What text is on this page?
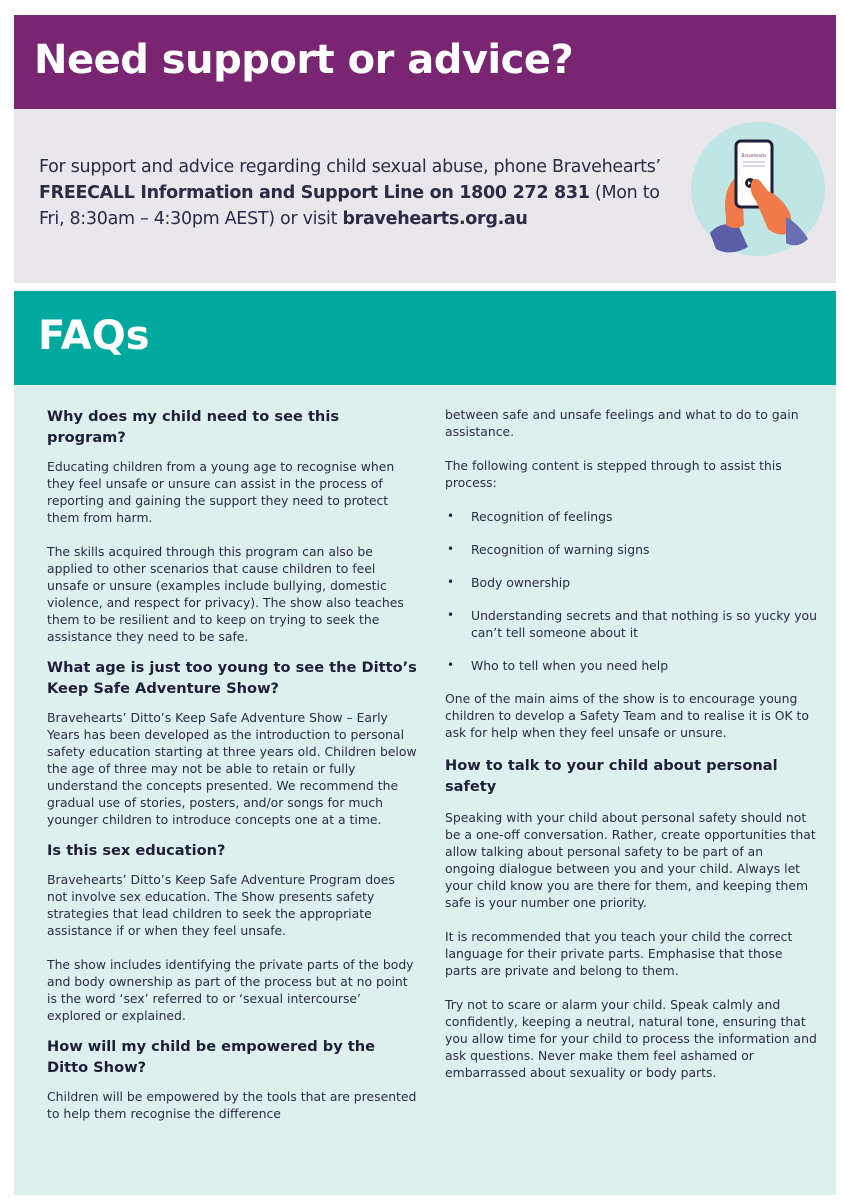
Need support or advice?

For support and advice regarding child sexual abuse, phone Bravehearts’ FREECALL Information and Support Line on 1800 272 831 (Mon to Fri, 8:30am – 4:30pm AEST) or visit bravehearts.org.au

Bravehearts
FAQs
Why does my child need to see this program?
Educating children from a young age to recognise when they feel unsafe or unsure can assist in the process of reporting and gaining the support they need to protect them from harm.
The skills acquired through this program can also be applied to other scenarios that cause children to feel unsafe or unsure (examples include bullying, domestic violence, and respect for privacy). The show also teaches them to be resilient and to keep on trying to seek the assistance they need to be safe.
What age is just too young to see the Ditto’s Keep Safe Adventure Show?
Bravehearts’ Ditto’s Keep Safe Adventure Show – Early Years has been developed as the introduction to personal safety education starting at three years old. Children below the age of three may not be able to retain or fully understand the concepts presented. We recommend the gradual use of stories, posters, and/or songs for much younger children to introduce concepts one at a time.
Is this sex education?
Bravehearts’ Ditto’s Keep Safe Adventure Program does not involve sex education. The Show presents safety strategies that lead children to seek the appropriate assistance if or when they feel unsafe.
The show includes identifying the private parts of the body and body ownership as part of the process but at no point is the word ‘sex’ referred to or ‘sexual intercourse’ explored or explained.
How will my child be empowered by the Ditto Show?
Children will be empowered by the tools that are presented to help them recognise the difference
between safe and unsafe feelings and what to do to gain assistance.
The following content is stepped through to assist this process:
• Recognition of feelings
• Recognition of warning signs
• Body ownership
• Understanding secrets and that nothing is so yucky you can’t tell someone about it
• Who to tell when you need help
One of the main aims of the show is to encourage young children to develop a Safety Team and to realise it is OK to ask for help when they feel unsafe or unsure.
How to talk to your child about personal safety
Speaking with your child about personal safety should not be a one-off conversation. Rather, create opportunities that allow talking about personal safety to be part of an ongoing dialogue between you and your child. Always let your child know you are there for them, and keeping them safe is your number one priority.
It is recommended that you teach your child the correct language for their private parts. Emphasise that those parts are private and belong to them.
Try not to scare or alarm your child. Speak calmly and confidently, keeping a neutral, natural tone, ensuring that you allow time for your child to process the information and ask questions. Never make them feel ashamed or embarrassed about sexuality or body parts.
